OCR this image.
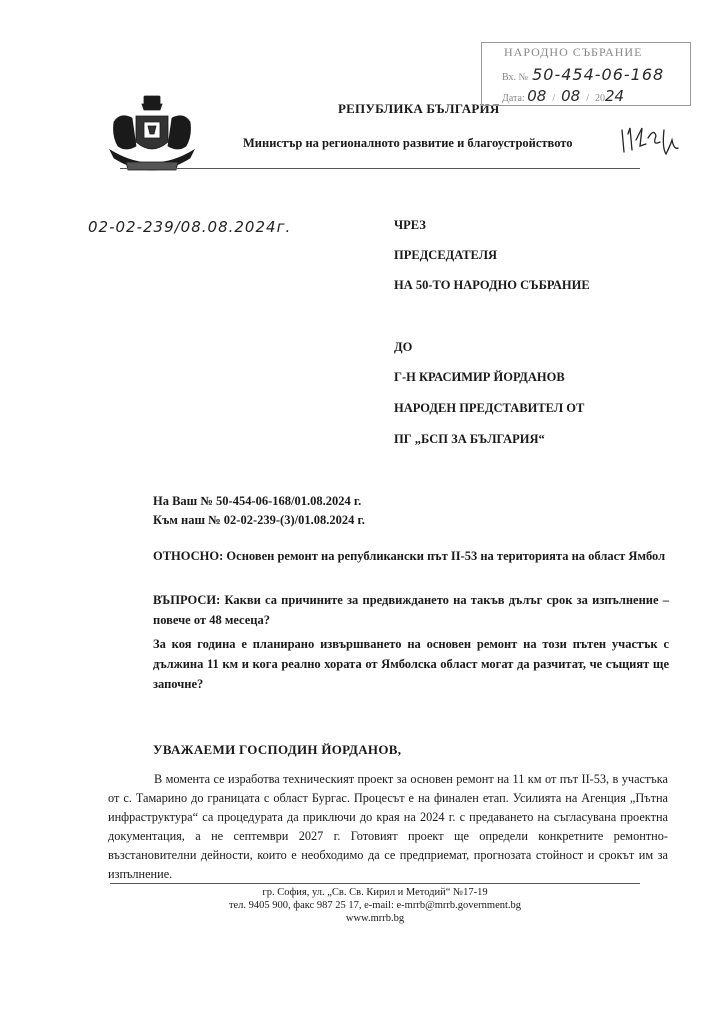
РЕПУБЛИКА БЪЛГАРИЯ
Министър на регионалното развитие и благоустройството
НАРОДНО СЪБРАНИЕ
Вх. № 50-454-06-168
Дата: 08 / 08 / 2024
02-02-239/08.08.2024г.	ЧРЕЗ
ПРЕДСЕДАТЕЛЯ
НА 50-ТО НАРОДНО СЪБРАНИЕ
ДО
Г-Н КРАСИМИР ЙОРДАНОВ
НАРОДЕН ПРЕДСТАВИТЕЛ ОТ
ПГ „БСП ЗА БЪЛГАРИЯ“
На Ваш № 50-454-06-168/01.08.2024 г.
Към наш № 02-02-239-(3)/01.08.2024 г.
ОТНОСНО: Основен ремонт на републикански път II-53 на територията на област Ямбол
ВЪПРОСИ: Какви са причините за предвиждането на такъв дълъг срок за изпълнение – повече от 48 месеца?
За коя година е планирано извършването на основен ремонт на този пътен участък с дължина 11 км и кога реално хората от Ямболска област могат да разчитат, че същият ще започне?
УВАЖАЕМИ ГОСПОДИН ЙОРДАНОВ,

В момента се изработва техническият проект за основен ремонт на 11 км от път II-53, в участъка от с. Тамарино до границата с област Бургас. Процесът е на финален етап. Усилията на Агенция „Пътна инфраструктура“ са процедурата да приключи до края на 2024 г. с предаването на съгласувана проектна документация, а не септември 2027 г. Готовият проект ще определи конкретните ремонтно-възстановителни дейности, които е необходимо да се предприемат, прогнозата стойност и срокът им за изпълнение.

гр. София, ул. „Св. Св. Кирил и Методий“ №17-19
тел. 9405 900, факс 987 25 17, e-mail: e-mrrb@mrrb.government.bg
www.mrrb.bg
